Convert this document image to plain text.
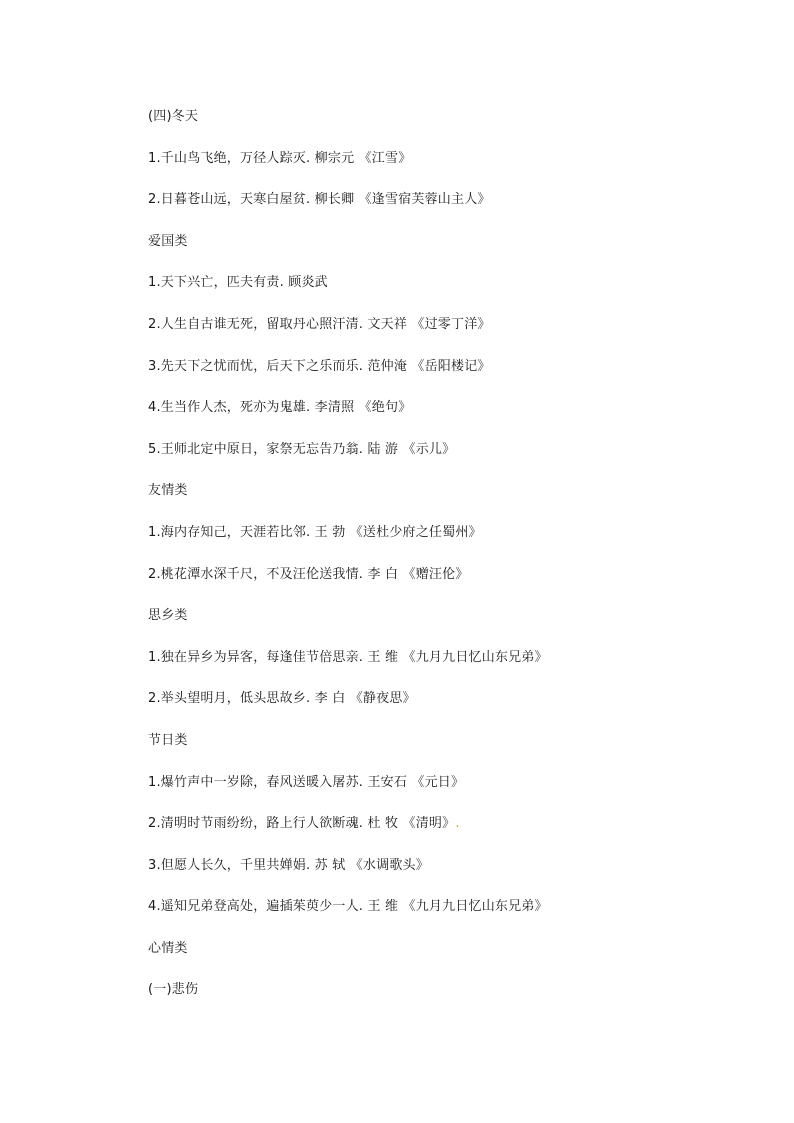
(四)冬天
1.千山鸟飞绝，万径人踪灭. 柳宗元 《江雪》
2.日暮苍山远，天寒白屋贫. 柳长卿 《逢雪宿芙蓉山主人》
爱国类
1.天下兴亡，匹夫有责. 顾炎武
2.人生自古谁无死，留取丹心照汗清. 文天祥 《过零丁洋》
3.先天下之忧而忧，后天下之乐而乐. 范仲淹 《岳阳楼记》
4.生当作人杰，死亦为鬼雄. 李清照 《绝句》
5.王师北定中原日，家祭无忘告乃翁. 陆 游 《示儿》
友情类
1.海内存知己，天涯若比邻. 王 勃 《送杜少府之任蜀州》
2.桃花潭水深千尺，不及汪伦送我情. 李 白 《赠汪伦》
思乡类
1.独在异乡为异客，每逢佳节倍思亲. 王 维 《九月九日忆山东兄弟》
2.举头望明月，低头思故乡. 李 白 《静夜思》
节日类
1.爆竹声中一岁除，春风送暖入屠苏. 王安石 《元日》
2.清明时节雨纷纷，路上行人欲断魂. 杜 牧 《清明》.
3.但愿人长久，千里共婵娟. 苏 轼 《水调歌头》
4.遥知兄弟登高处，遍插茱萸少一人. 王 维 《九月九日忆山东兄弟》
心情类
(一)悲伤
